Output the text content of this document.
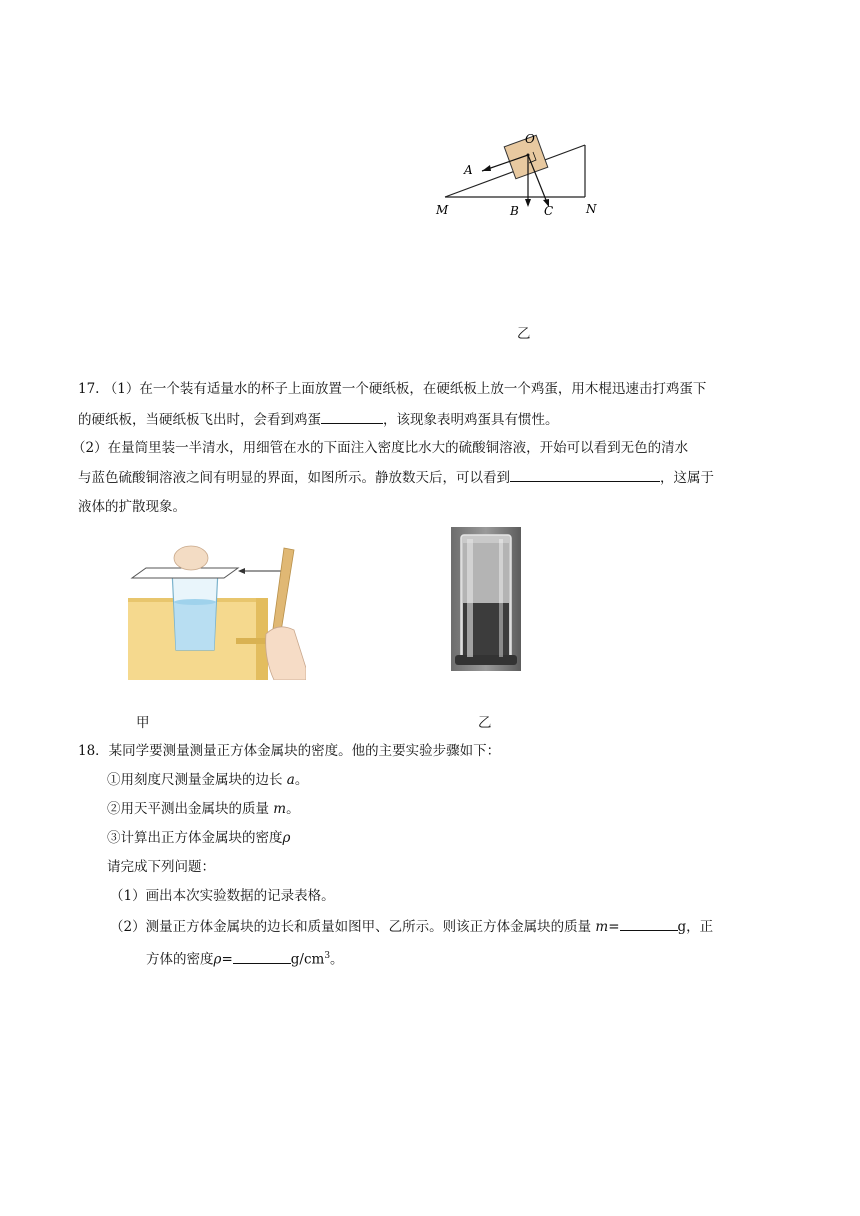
O
A
M	B C	N
乙
17. （1）在一个装有适量水的杯子上面放置一个硬纸板，在硬纸板上放一个鸡蛋，用木棍迅速击打鸡蛋下
的硬纸板，当硬纸板飞出时，会看到鸡蛋	，该现象表明鸡蛋具有惯性。
（2）在量筒里装一半清水，用细管在水的下面注入密度比水大的硫酸铜溶液，开始可以看到无色的清水
与蓝色硫酸铜溶液之间有明显的界面，如图所示。静放数天后，可以看到	，这属于
液体的扩散现象。
甲	乙
18．某同学要测量测量正方体金属块的密度。他的主要实验步骤如下：
①用刻度尺测量金属块的边长 a。
②用天平测出金属块的质量 m。
③计算出正方体金属块的密度ρ
请完成下列问题：
（1）画出本次实验数据的记录表格。
（2）测量正方体金属块的边长和质量如图甲、乙所示。则该正方体金属块的质量 m=	g，正
方体的密度ρ=	$g/cm^3$。
